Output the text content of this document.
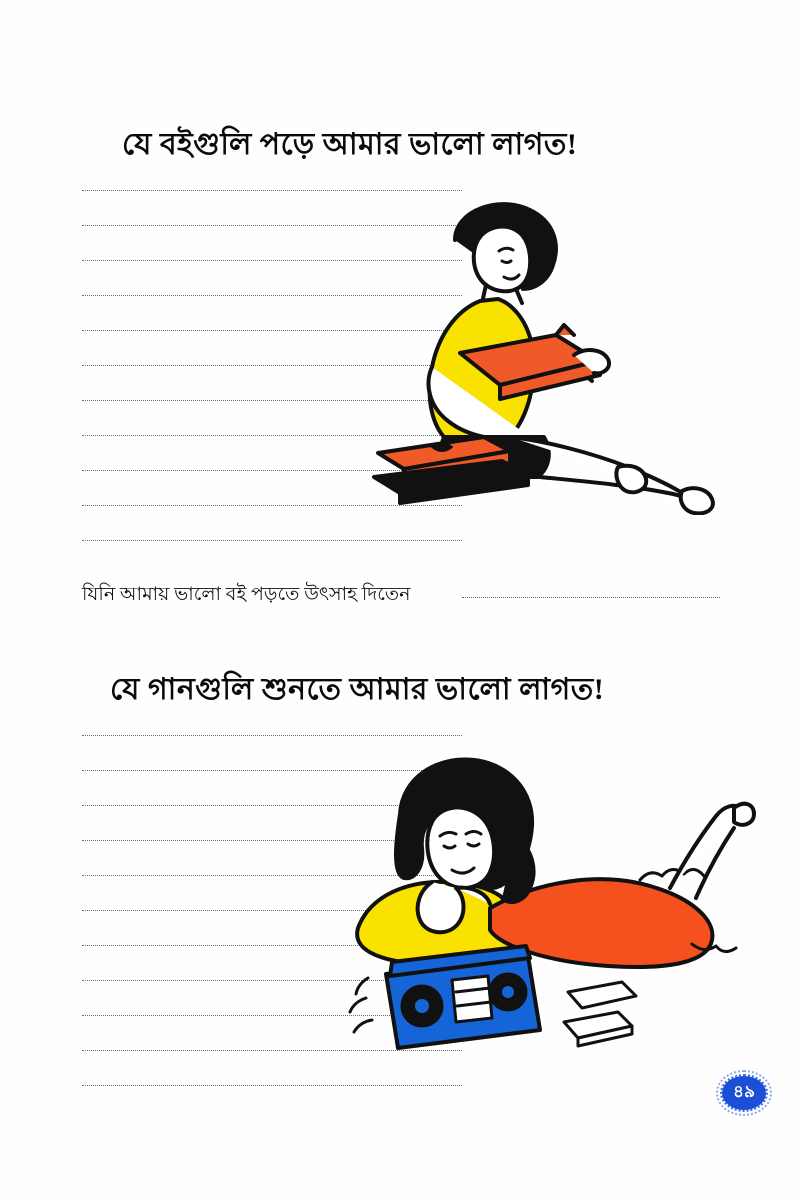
যে বইগুলি পড়ে আমার ভালো লাগত!
যিনি আমায় ভালো বই পড়তে উৎসাহ দিতেন
যে গানগুলি শুনতে আমার ভালো লাগত!
৪৯
